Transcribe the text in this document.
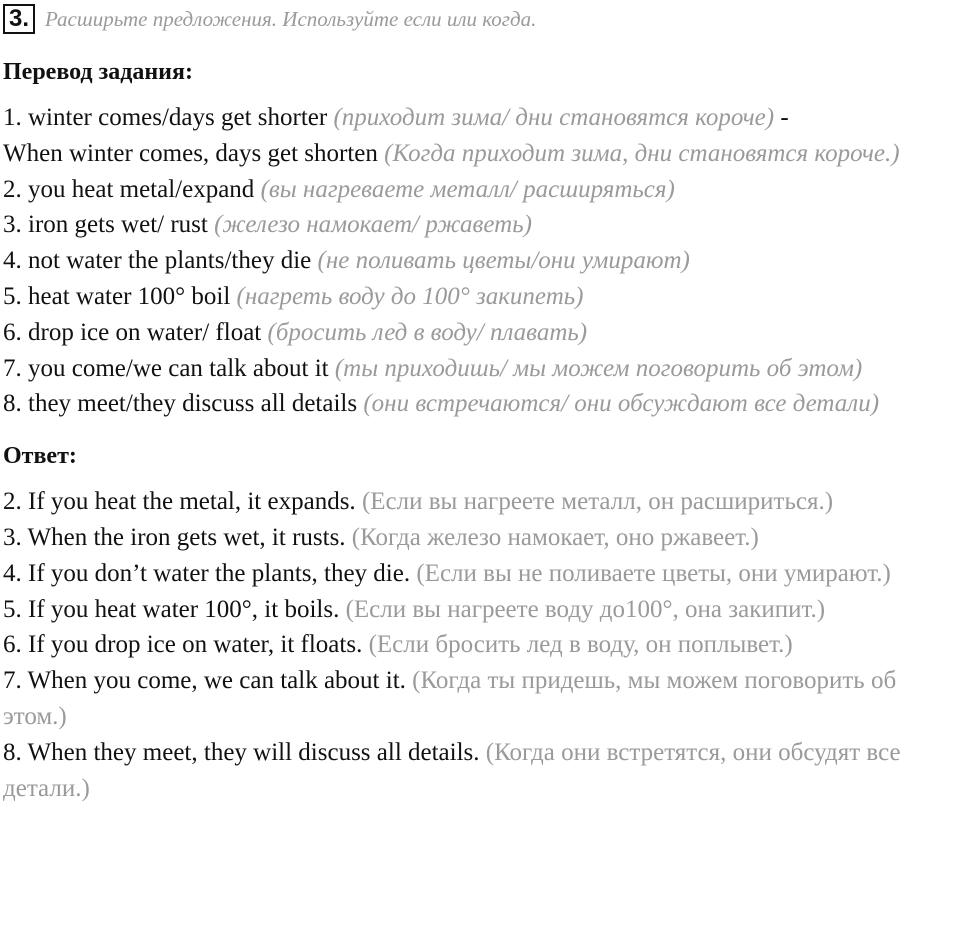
3. Расширьте предложения. Используйте если или когда.
Перевод задания:
1. winter comes/days get shorter (приходит зима/ дни становятся короче) -
When winter comes, days get shorten (Когда приходит зима, дни становятся короче.)
2. you heat metal/expand (вы нагреваете металл/ расширяться)
3. iron gets wet/ rust (железо намокает/ ржаветь)
4. not water the plants/they die (не поливать цветы/они умирают)
5. heat water 100° boil (нагреть воду до 100° закипеть)
6. drop ice on water/ float (бросить лед в воду/ плавать)
7. you come/we can talk about it (ты приходишь/ мы можем поговорить об этом)
8. they meet/they discuss all details (они встречаются/ они обсуждают все детали)
Ответ:
2. If you heat the metal, it expands. (Если вы нагреете металл, он расшириться.)
3. When the iron gets wet, it rusts. (Когда железо намокает, оно ржавеет.)
4. If you don’t water the plants, they die. (Если вы не поливаете цветы, они умирают.)
5. If you heat water 100°, it boils. (Если вы нагреете воду до100°, она закипит.)
6. If you drop ice on water, it floats. (Если бросить лед в воду, он поплывет.)
7. When you come, we can talk about it. (Когда ты придешь, мы можем поговорить об этом.)
8. When they meet, they will discuss all details. (Когда они встретятся, они обсудят все детали.)
